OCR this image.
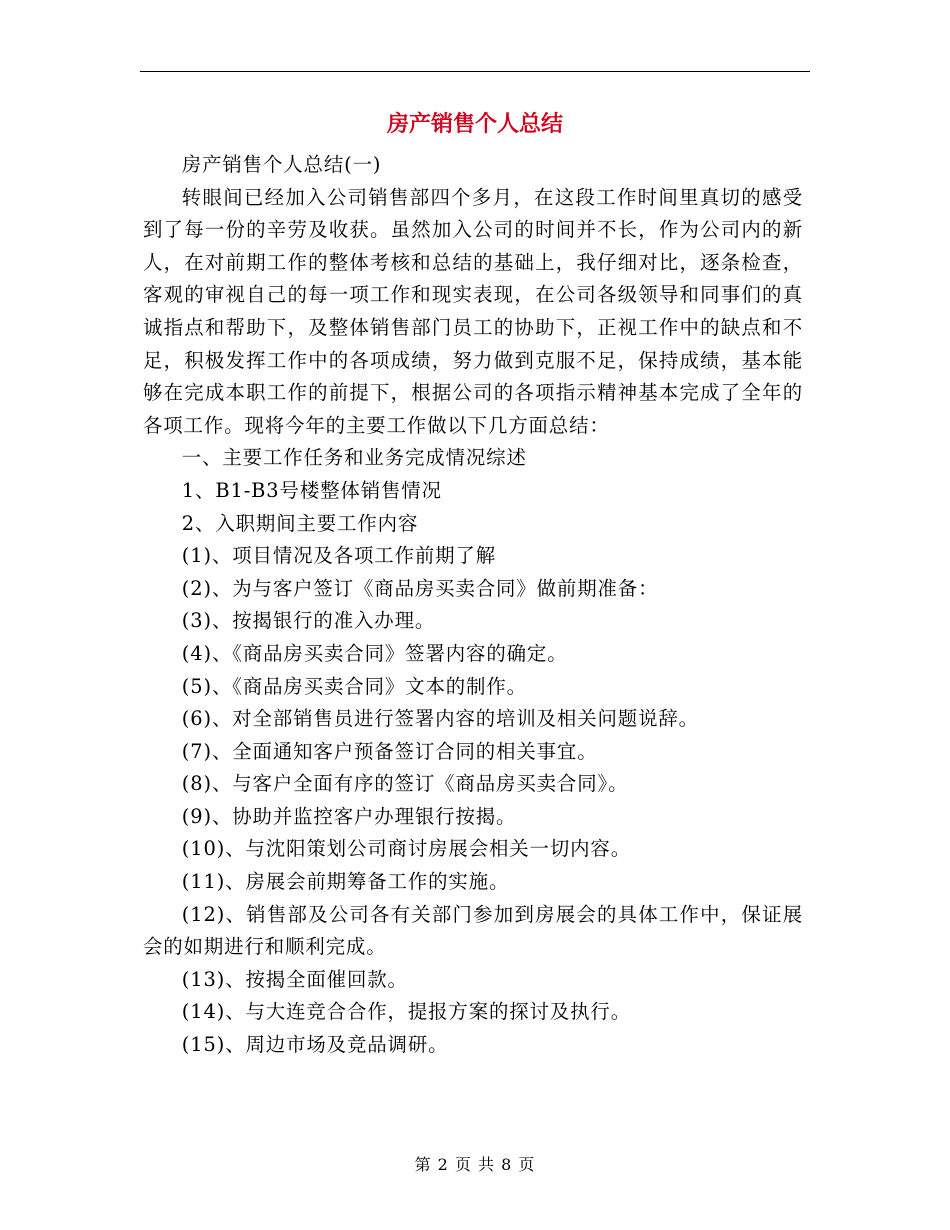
房产销售个人总结

房产销售个人总结(一)

转眼间已经加入公司销售部四个多月，在这段工作时间里真切的感受到了每一份的辛劳及收获。虽然加入公司的时间并不长，作为公司内的新人，在对前期工作的整体考核和总结的基础上，我仔细对比，逐条检查，客观的审视自己的每一项工作和现实表现，在公司各级领导和同事们的真诚指点和帮助下，及整体销售部门员工的协助下，正视工作中的缺点和不足，积极发挥工作中的各项成绩，努力做到克服不足，保持成绩，基本能够在完成本职工作的前提下，根据公司的各项指示精神基本完成了全年的各项工作。现将今年的主要工作做以下几方面总结：

一、主要工作任务和业务完成情况综述

1、B1-B3号楼整体销售情况

2、入职期间主要工作内容

(1)、项目情况及各项工作前期了解

(2)、为与客户签订《商品房买卖合同》做前期准备：

(3)、按揭银行的准入办理。

(4)、《商品房买卖合同》签署内容的确定。

(5)、《商品房买卖合同》文本的制作。

(6)、对全部销售员进行签署内容的培训及相关问题说辞。

(7)、全面通知客户预备签订合同的相关事宜。

(8)、与客户全面有序的签订《商品房买卖合同》。

(9)、协助并监控客户办理银行按揭。

(10)、与沈阳策划公司商讨房展会相关一切内容。

(11)、房展会前期筹备工作的实施。

(12)、销售部及公司各有关部门参加到房展会的具体工作中，保证展会的如期进行和顺利完成。

(13)、按揭全面催回款。

(14)、与大连竞合合作，提报方案的探讨及执行。

(15)、周边市场及竞品调研。

第 2 页 共 8 页
